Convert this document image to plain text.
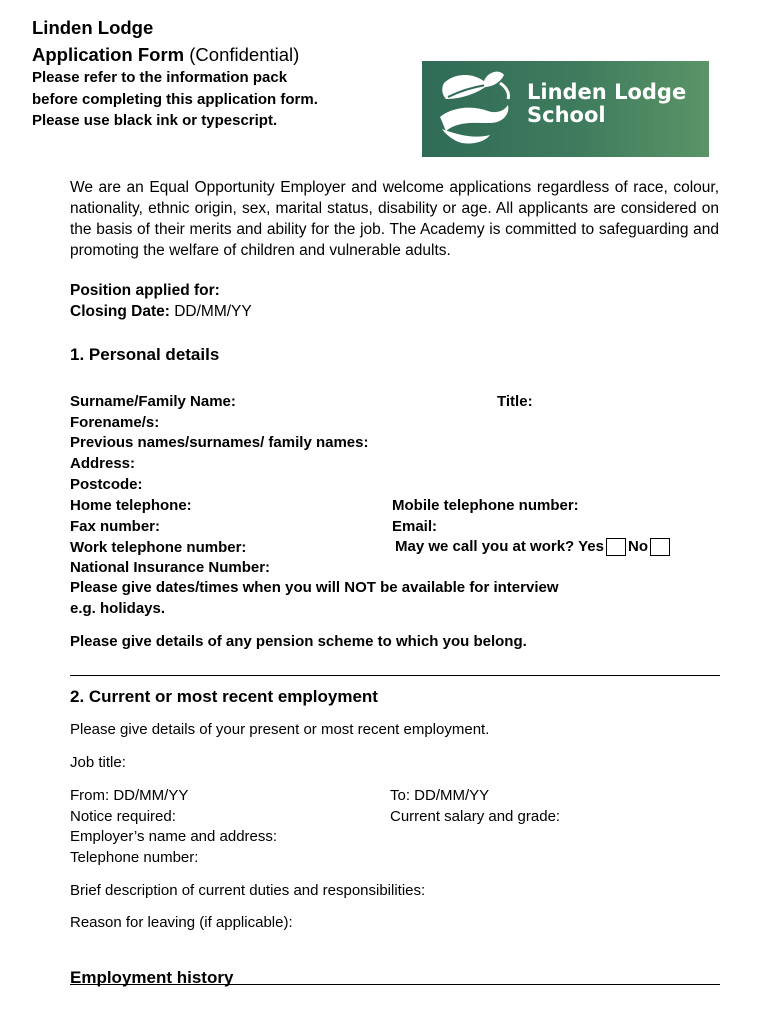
Linden Lodge
Application Form (Confidential)
Please refer to the information pack
before completing this application form.
Please use black ink or typescript.
Linden Lodge
School
We are an Equal Opportunity Employer and welcome applications regardless of race, colour, nationality, ethnic origin, sex, marital status, disability or age. All applicants are considered on the basis of their merits and ability for the job. The Academy is committed to safeguarding and promoting the welfare of children and vulnerable adults.
Position applied for:
Closing Date: DD/MM/YY
1. Personal details
Surname/Family Name:	Title:
Forename/s:
Previous names/surnames/ family names:
Address:
Postcode:
Home telephone:	Mobile telephone number:
Fax number:	Email:
Work telephone number:	May we call you at work? Yes No
National Insurance Number:
Please give dates/times when you will NOT be available for interview
e.g. holidays.
Please give details of any pension scheme to which you belong.
2. Current or most recent employment
Please give details of your present or most recent employment.
Job title:
From: DD/MM/YY	To: DD/MM/YY
Notice required:	Current salary and grade:
Employer’s name and address:
Telephone number:
Brief description of current duties and responsibilities:
Reason for leaving (if applicable):
Employment history
